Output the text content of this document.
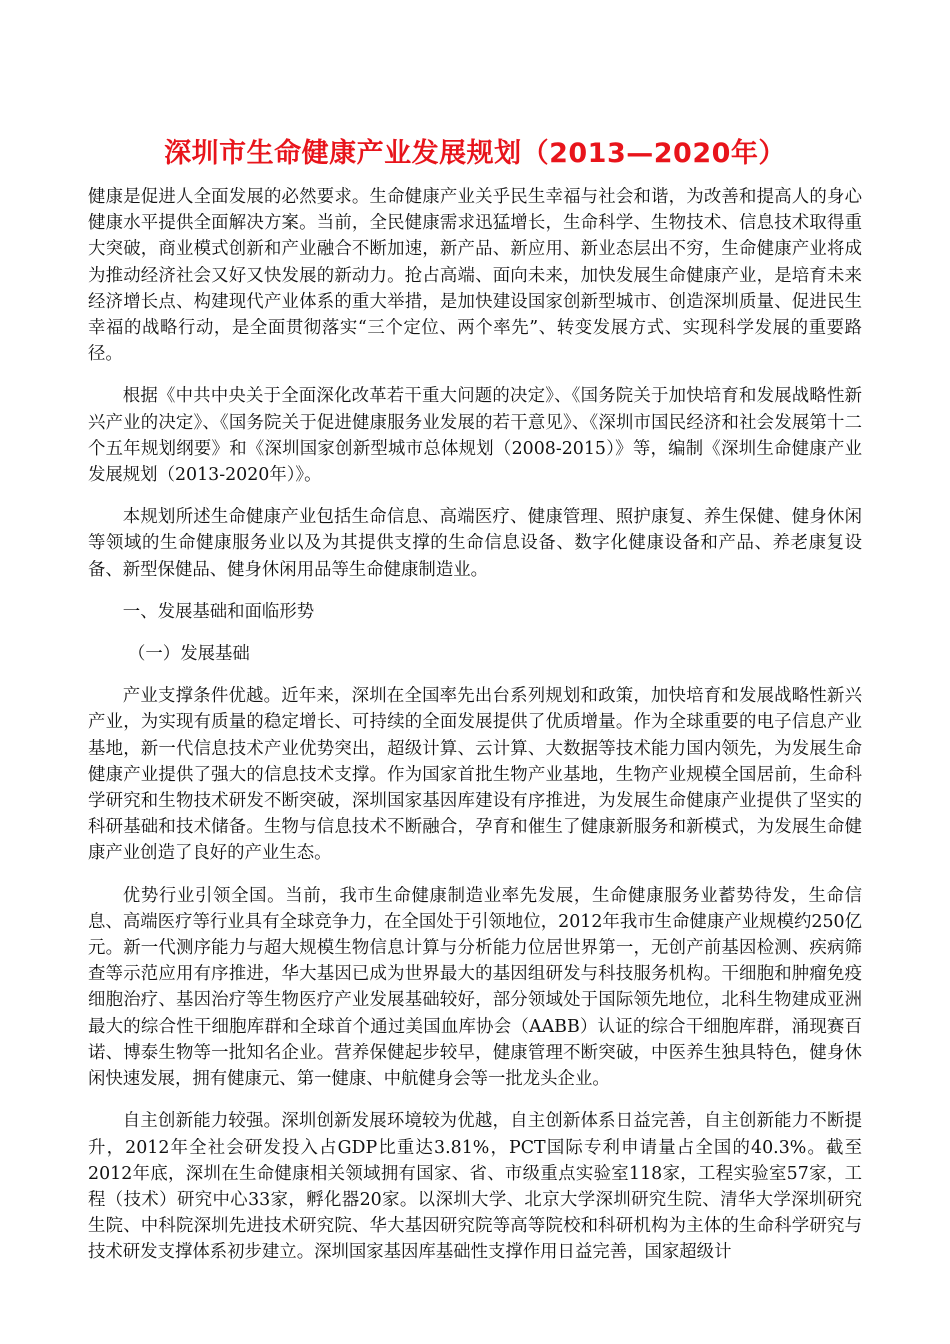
深圳市生命健康产业发展规划（2013—2020年）

健康是促进人全面发展的必然要求。生命健康产业关乎民生幸福与社会和谐，为改善和提高人的身心健康水平提供全面解决方案。当前，全民健康需求迅猛增长，生命科学、生物技术、信息技术取得重大突破，商业模式创新和产业融合不断加速，新产品、新应用、新业态层出不穷，生命健康产业将成为推动经济社会又好又快发展的新动力。抢占高端、面向未来，加快发展生命健康产业，是培育未来经济增长点、构建现代产业体系的重大举措，是加快建设国家创新型城市、创造深圳质量、促进民生幸福的战略行动，是全面贯彻落实“三个定位、两个率先”、转变发展方式、实现科学发展的重要路径。

根据《中共中央关于全面深化改革若干重大问题的决定》、《国务院关于加快培育和发展战略性新兴产业的决定》、《国务院关于促进健康服务业发展的若干意见》、《深圳市国民经济和社会发展第十二个五年规划纲要》和《深圳国家创新型城市总体规划（2008-2015）》等，编制《深圳生命健康产业发展规划（2013-2020年）》。

本规划所述生命健康产业包括生命信息、高端医疗、健康管理、照护康复、养生保健、健身休闲等领域的生命健康服务业以及为其提供支撑的生命信息设备、数字化健康设备和产品、养老康复设备、新型保健品、健身休闲用品等生命健康制造业。

一、发展基础和面临形势

（一）发展基础

产业支撑条件优越。近年来，深圳在全国率先出台系列规划和政策，加快培育和发展战略性新兴产业，为实现有质量的稳定增长、可持续的全面发展提供了优质增量。作为全球重要的电子信息产业基地，新一代信息技术产业优势突出，超级计算、云计算、大数据等技术能力国内领先，为发展生命健康产业提供了强大的信息技术支撑。作为国家首批生物产业基地，生物产业规模全国居前，生命科学研究和生物技术研发不断突破，深圳国家基因库建设有序推进，为发展生命健康产业提供了坚实的科研基础和技术储备。生物与信息技术不断融合，孕育和催生了健康新服务和新模式，为发展生命健康产业创造了良好的产业生态。

优势行业引领全国。当前，我市生命健康制造业率先发展，生命健康服务业蓄势待发，生命信息、高端医疗等行业具有全球竞争力，在全国处于引领地位，2012年我市生命健康产业规模约250亿元。新一代测序能力与超大规模生物信息计算与分析能力位居世界第一，无创产前基因检测、疾病筛查等示范应用有序推进，华大基因已成为世界最大的基因组研发与科技服务机构。干细胞和肿瘤免疫细胞治疗、基因治疗等生物医疗产业发展基础较好，部分领域处于国际领先地位，北科生物建成亚洲最大的综合性干细胞库群和全球首个通过美国血库协会（AABB）认证的综合干细胞库群，涌现赛百诺、博泰生物等一批知名企业。营养保健起步较早，健康管理不断突破，中医养生独具特色，健身休闲快速发展，拥有健康元、第一健康、中航健身会等一批龙头企业。

自主创新能力较强。深圳创新发展环境较为优越，自主创新体系日益完善，自主创新能力不断提升，2012年全社会研发投入占GDP比重达3.81%，PCT国际专利申请量占全国的40.3%。截至2012年底，深圳在生命健康相关领域拥有国家、省、市级重点实验室118家，工程实验室57家，工程（技术）研究中心33家，孵化器20家。以深圳大学、北京大学深圳研究生院、清华大学深圳研究生院、中科院深圳先进技术研究院、华大基因研究院等高等院校和科研机构为主体的生命科学研究与技术研发支撑体系初步建立。深圳国家基因库基础性支撑作用日益完善，国家超级计
